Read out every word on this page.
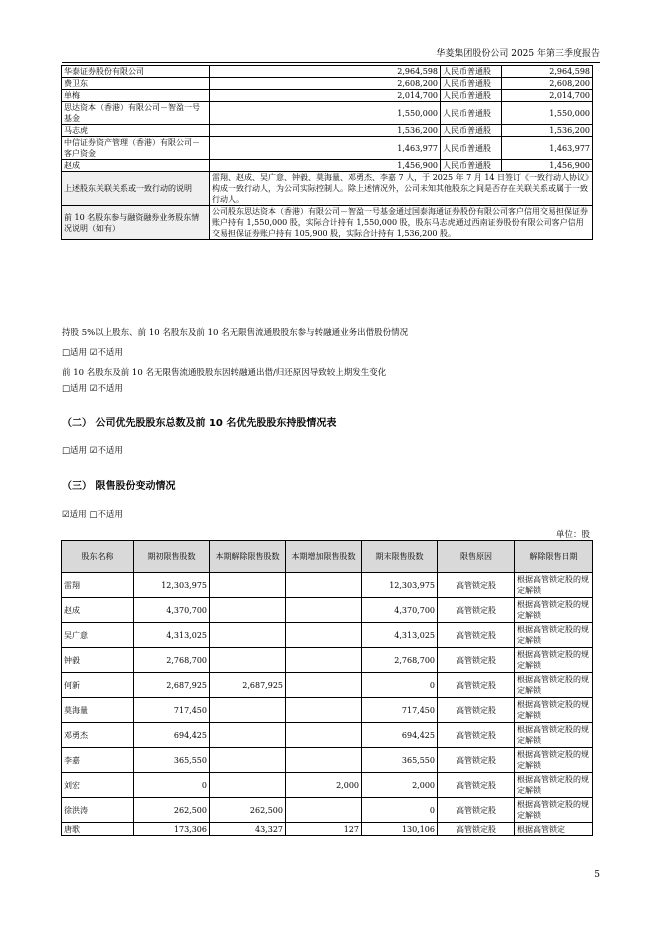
华菱集团股份公司 2025 年第三季度报告
华泰证券股份有限公司	2,964,598	人民币普通股	2,964,598
费卫东	2,608,200	人民币普通股	2,608,200
单梅	2,014,700	人民币普通股	2,014,700
思达资本（香港）有限公司－智盈一号基金	1,550,000	人民币普通股	1,550,000
马志虎	1,536,200	人民币普通股	1,536,200
中信证券资产管理（香港）有限公司－客户资金	1,463,977	人民币普通股	1,463,977
赵成	1,456,900	人民币普通股	1,456,900
上述股东关联关系或一致行动的说明	雷翔、赵成、吴广意、钟毅、莫海量、邓勇杰、李嘉 7 人，于 2025 年 7 月 14 日签订《一致行动人协议》构成一致行动人，为公司实际控制人。除上述情况外，公司未知其他股东之间是否存在关联关系或属于一致行动人。		
前 10 名股东参与融资融券业务股东情况说明（如有）	公司股东思达资本（香港）有限公司－智盈一号基金通过国泰海通证券股份有限公司客户信用交易担保证券账户持有 1,550,000 股，实际合计持有 1,550,000 股，股东马志虎通过西南证券股份有限公司客户信用交易担保证券账户持有 105,900 股，实际合计持有 1,536,200 股。		
持股 5%以上股东、前 10 名股东及前 10 名无限售流通股股东参与转融通业务出借股份情况
□适用 ☑不适用
前 10 名股东及前 10 名无限售流通股股东因转融通出借/归还原因导致较上期发生变化
□适用 ☑不适用
（二） 公司优先股股东总数及前 10 名优先股股东持股情况表
□适用 ☑不适用
（三） 限售股份变动情况
☑适用 □不适用
单位：股
股东名称	期初限售股数	本期解除限售股数	本期增加限售股数	期末限售股数	限售原因	解除限售日期
雷翔	12,303,975			12,303,975	高管锁定股	根据高管锁定股的规定解锁
赵成	4,370,700			4,370,700	高管锁定股	根据高管锁定股的规定解锁
吴广意	4,313,025			4,313,025	高管锁定股	根据高管锁定股的规定解锁
钟毅	2,768,700			2,768,700	高管锁定股	根据高管锁定股的规定解锁
何新	2,687,925	2,687,925		0	高管锁定股	根据高管锁定股的规定解锁
莫海量	717,450			717,450	高管锁定股	根据高管锁定股的规定解锁
邓勇杰	694,425			694,425	高管锁定股	根据高管锁定股的规定解锁
李嘉	365,550			365,550	高管锁定股	根据高管锁定股的规定解锁
刘宏	0		2,000	2,000	高管锁定股	根据高管锁定股的规定解锁
徐洪涛	262,500	262,500		0	高管锁定股	根据高管锁定股的规定解锁
唐歌	173,306	43,327	127	130,106	高管锁定股	根据高管锁定
5
